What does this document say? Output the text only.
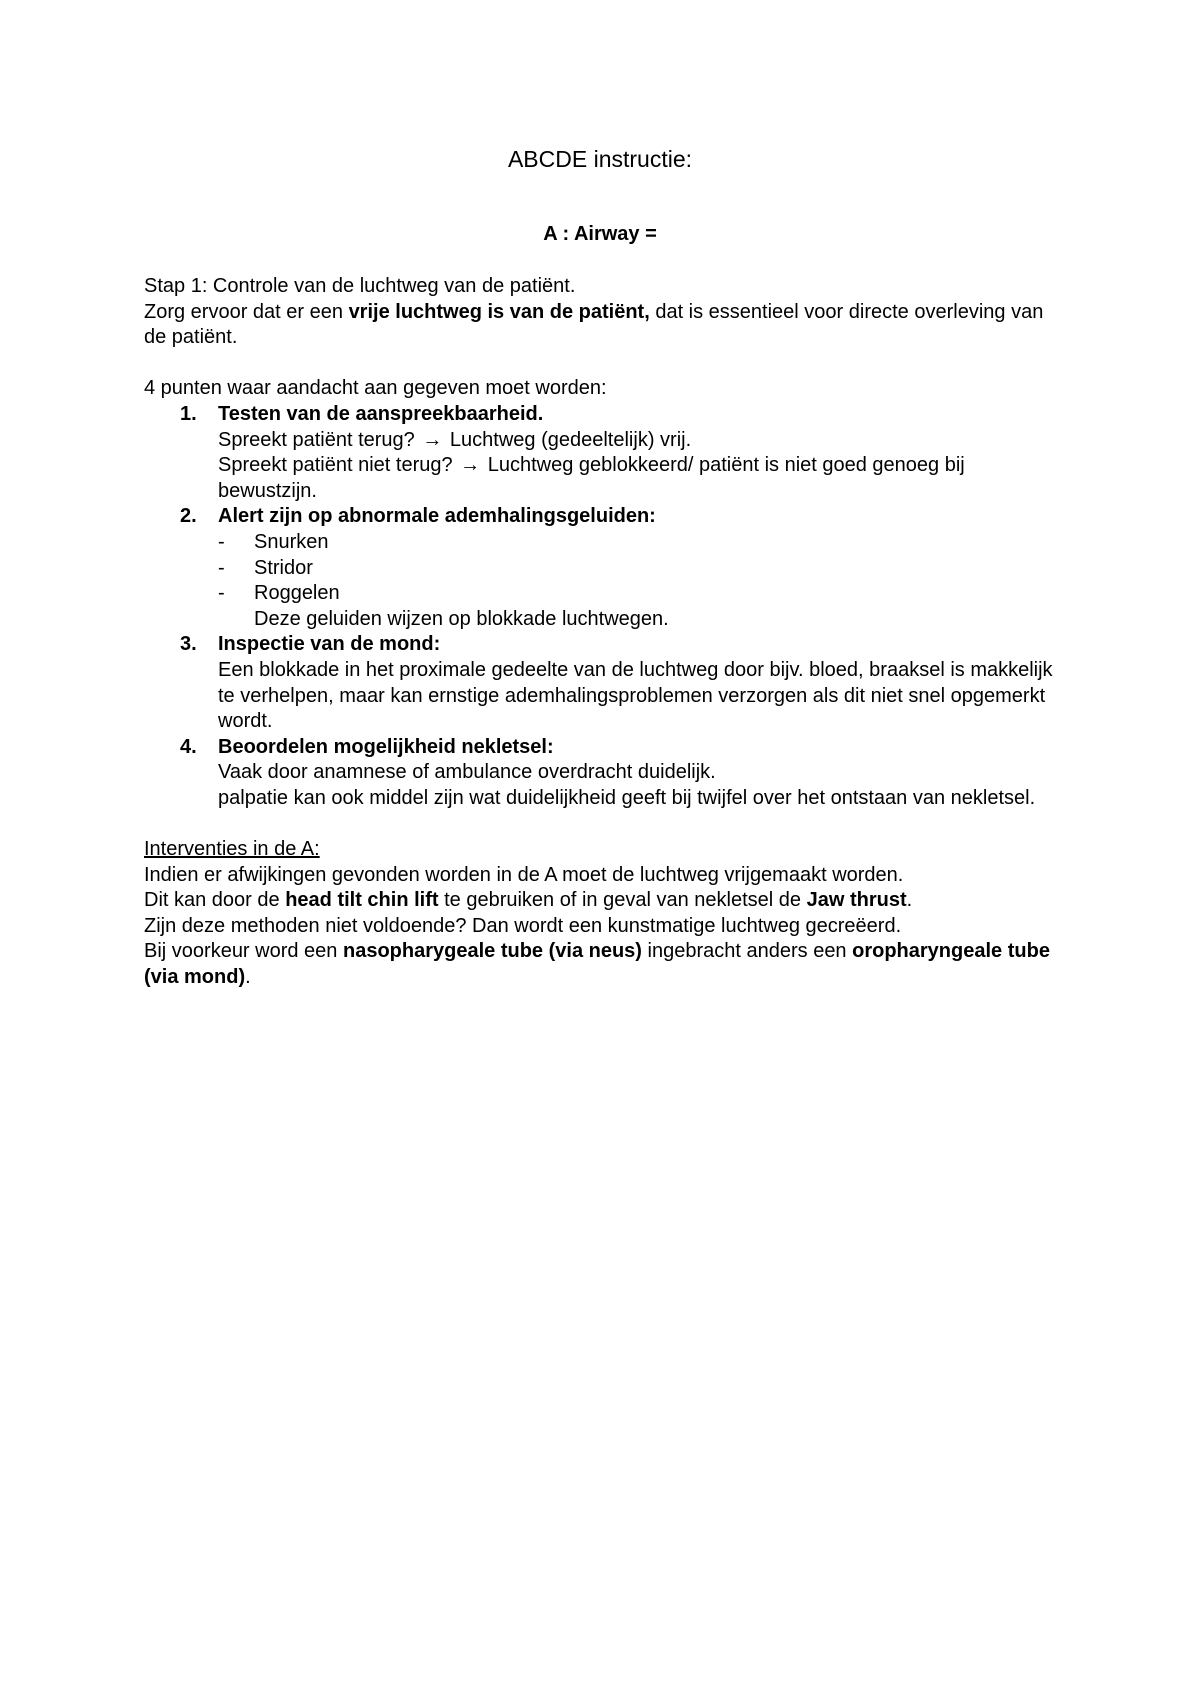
ABCDE instructie:
A : Airway =

Stap 1: Controle van de luchtweg van de patiënt.

Zorg ervoor dat er een vrije luchtweg is van de patiënt, dat is essentieel voor directe overleving van de patiënt.

4 punten waar aandacht aan gegeven moet worden:

1. Testen van de aanspreekbaarheid.

Spreekt patiënt terug? → Luchtweg (gedeeltelijk) vrij.

Spreekt patiënt niet terug? → Luchtweg geblokkeerd/ patiënt is niet goed genoeg bij bewustzijn.

2. Alert zijn op abnormale ademhalingsgeluiden:

- Snurken
- Stridor
- Roggelen

Deze geluiden wijzen op blokkade luchtwegen.

3. Inspectie van de mond:

Een blokkade in het proximale gedeelte van de luchtweg door bijv. bloed, braaksel is makkelijk te verhelpen, maar kan ernstige ademhalingsproblemen verzorgen als dit niet snel opgemerkt wordt.

4. Beoordelen mogelijkheid nekletsel:

Vaak door anamnese of ambulance overdracht duidelijk.

palpatie kan ook middel zijn wat duidelijkheid geeft bij twijfel over het ontstaan van nekletsel.

Interventies in de A:

Indien er afwijkingen gevonden worden in de A moet de luchtweg vrijgemaakt worden.

Dit kan door de head tilt chin lift te gebruiken of in geval van nekletsel de Jaw thrust.

Zijn deze methoden niet voldoende? Dan wordt een kunstmatige luchtweg gecreëerd.

Bij voorkeur word een nasopharygeale tube (via neus) ingebracht anders een oropharyngeale tube (via mond).
